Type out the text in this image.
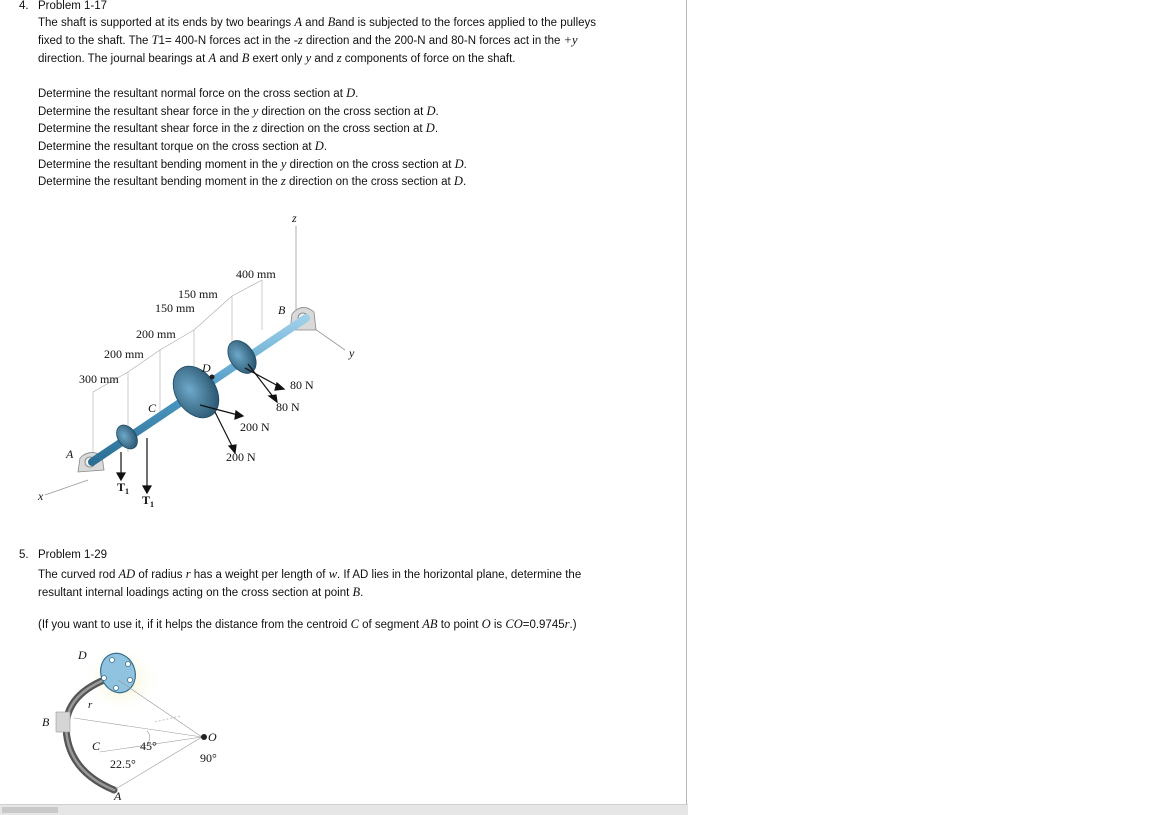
4. Problem 1-17
The shaft is supported at its ends by two bearings A and Band is subjected to the forces applied to the pulleys
fixed to the shaft. The T1= 400-N forces act in the -z direction and the 200-N and 80-N forces act in the +y
direction. The journal bearings at A and B exert only y and z components of force on the shaft.
Determine the resultant normal force on the cross section at D.
Determine the resultant shear force in the y direction on the cross section at D.
Determine the resultant shear force in the z direction on the cross section at D.
Determine the resultant torque on the cross section at D.
Determine the resultant bending moment in the y direction on the cross section at D.
Determine the resultant bending moment in the z direction on the cross section at D.
400 mm
150 mm
150 mm
200 mm
200 mm
300 mm
z
y
x
A
B
C
D
80 N
80 N
200 N
200 N
$T_1$
$T_1$
5. Problem 1-29
The curved rod AD of radius r has a weight per length of w. If AD lies in the horizontal plane, determine the
resultant internal loadings acting on the cross section at point B.
(If you want to use it, if it helps the distance from the centroid C of segment AB to point O is CO=0.9745r.)
D
B
C
A
O
r
45°
22.5°	90°
